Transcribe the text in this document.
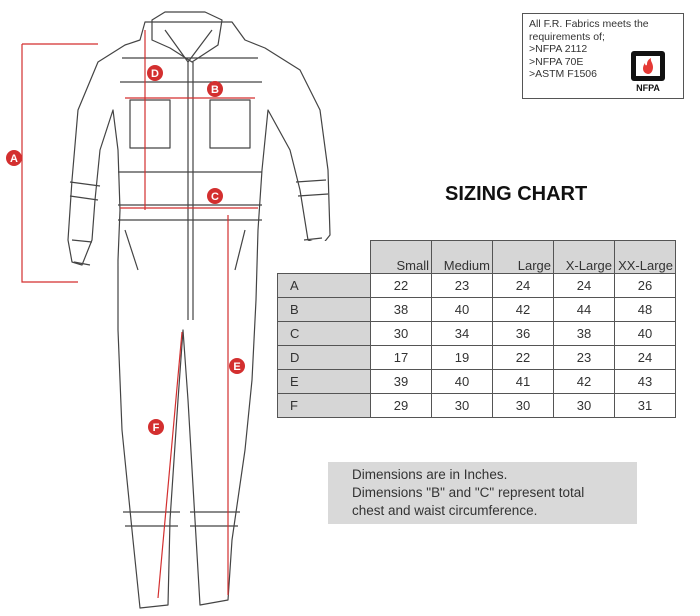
A
D
B
C
E
F
All F.R. Fabrics meets the
requirements of;
>NFPA 2112
>NFPA 70E
>ASTM F1506
NFPA
SIZING CHART
	Small	Medium	Large	X-Large	XX-Large
A	22	23	24	24	26
B	38	40	42	44	48
C	30	34	36	38	40
D	17	19	22	23	24
E	39	40	41	42	43
F	29	30	30	30	31
Dimensions are in Inches.
Dimensions "B" and "C" represent total
chest and waist circumference.
